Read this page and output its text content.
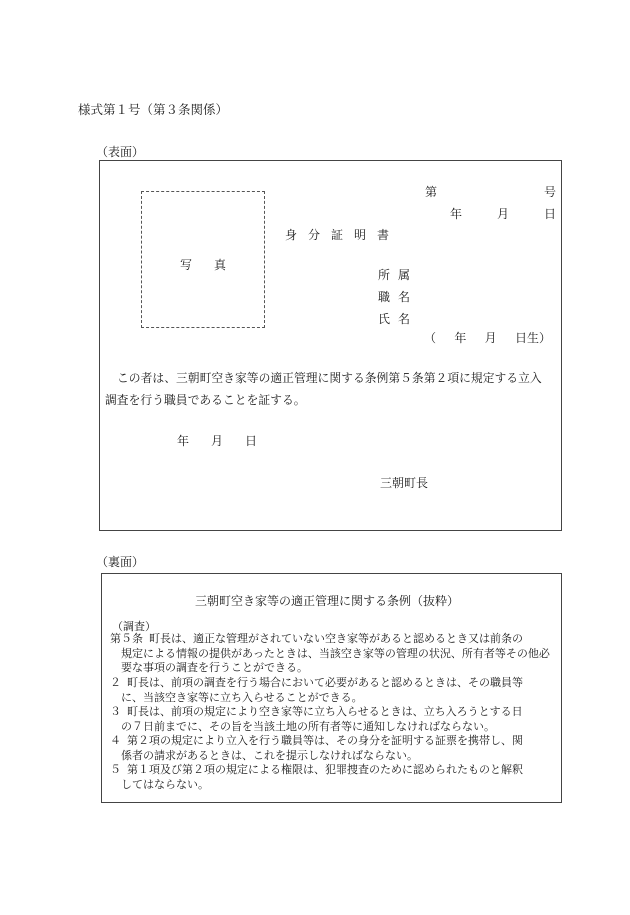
様式第１号（第３条関係）
（表面）
写 真
第	号
年	月	日
身 分 証 明 書
所 属
職 名
氏 名
（ 年 月 日生）
この者は、三朝町空き家等の適正管理に関する条例第５条第２項に規定する立入調査を行う職員であることを証する。
年 月 日
三朝町長
（裏面）
三朝町空き家等の適正管理に関する条例（抜粋）
（調査）
第５条 町長は、適正な管理がされていない空き家等があると認めるとき又は前条の
規定による情報の提供があったときは、当該空き家等の管理の状況、所有者等その他必要な事項の調査を行うことができる。
２ 町長は、前項の調査を行う場合において必要があると認めるときは、その職員等
に、当該空き家等に立ち入らせることができる。
３ 町長は、前項の規定により空き家等に立ち入らせるときは、立ち入ろうとする日
の７日前までに、その旨を当該土地の所有者等に通知しなければならない。
４ 第２項の規定により立入を行う職員等は、その身分を証明する証票を携帯し、関
係者の請求があるときは、これを提示しなければならない。
５ 第１項及び第２項の規定による権限は、犯罪捜査のために認められたものと解釈
してはならない。
